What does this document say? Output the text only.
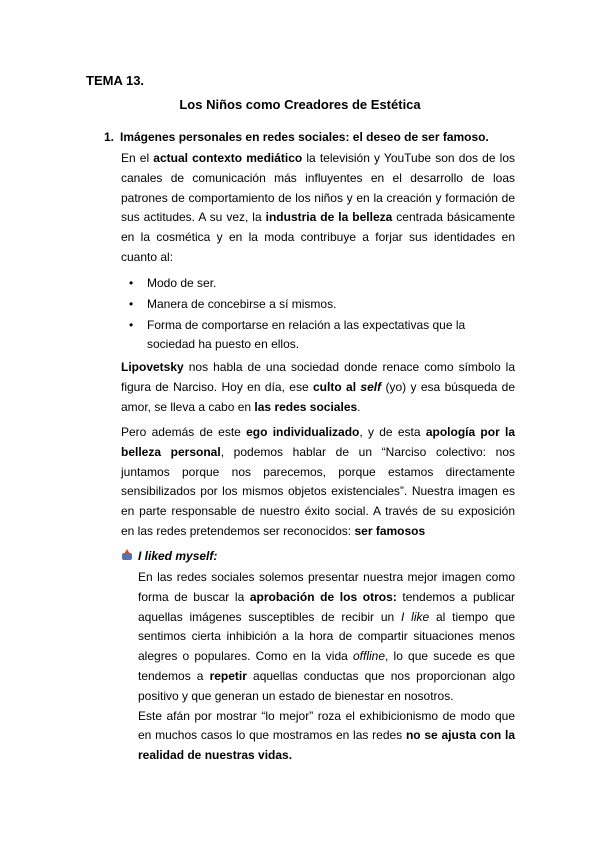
TEMA 13.
Los Niños como Creadores de Estética
1. Imágenes personales en redes sociales: el deseo de ser famoso.

En el actual contexto mediático la televisión y YouTube son dos de los canales de comunicación más influyentes en el desarrollo de loas patrones de comportamiento de los niños y en la creación y formación de sus actitudes. A su vez, la industria de la belleza centrada básicamente en la cosmética y en la moda contribuye a forjar sus identidades en cuanto al:

• Modo de ser.
• Manera de concebirse a sí mismos.
• Forma de comportarse en relación a las expectativas que la sociedad ha puesto en ellos.

Lipovetsky nos habla de una sociedad donde renace como símbolo la figura de Narciso. Hoy en día, ese culto al self (yo) y esa búsqueda de amor, se lleva a cabo en las redes sociales.

Pero además de este ego individualizado, y de esta apología por la belleza personal, podemos hablar de un “Narciso colectivo: nos juntamos porque nos parecemos, porque estamos directamente sensibilizados por los mismos objetos existenciales”. Nuestra imagen es en parte responsable de nuestro éxito social. A través de su exposición en las redes pretendemos ser reconocidos: ser famosos

I liked myself:

En las redes sociales solemos presentar nuestra mejor imagen como forma de buscar la aprobación de los otros: tendemos a publicar aquellas imágenes susceptibles de recibir un I like al tiempo que sentimos cierta inhibición a la hora de compartir situaciones menos alegres o populares. Como en la vida offline, lo que sucede es que tendemos a repetir aquellas conductas que nos proporcionan algo positivo y que generan un estado de bienestar en nosotros.

Este afán por mostrar “lo mejor” roza el exhibicionismo de modo que en muchos casos lo que mostramos en las redes no se ajusta con la realidad de nuestras vidas.
